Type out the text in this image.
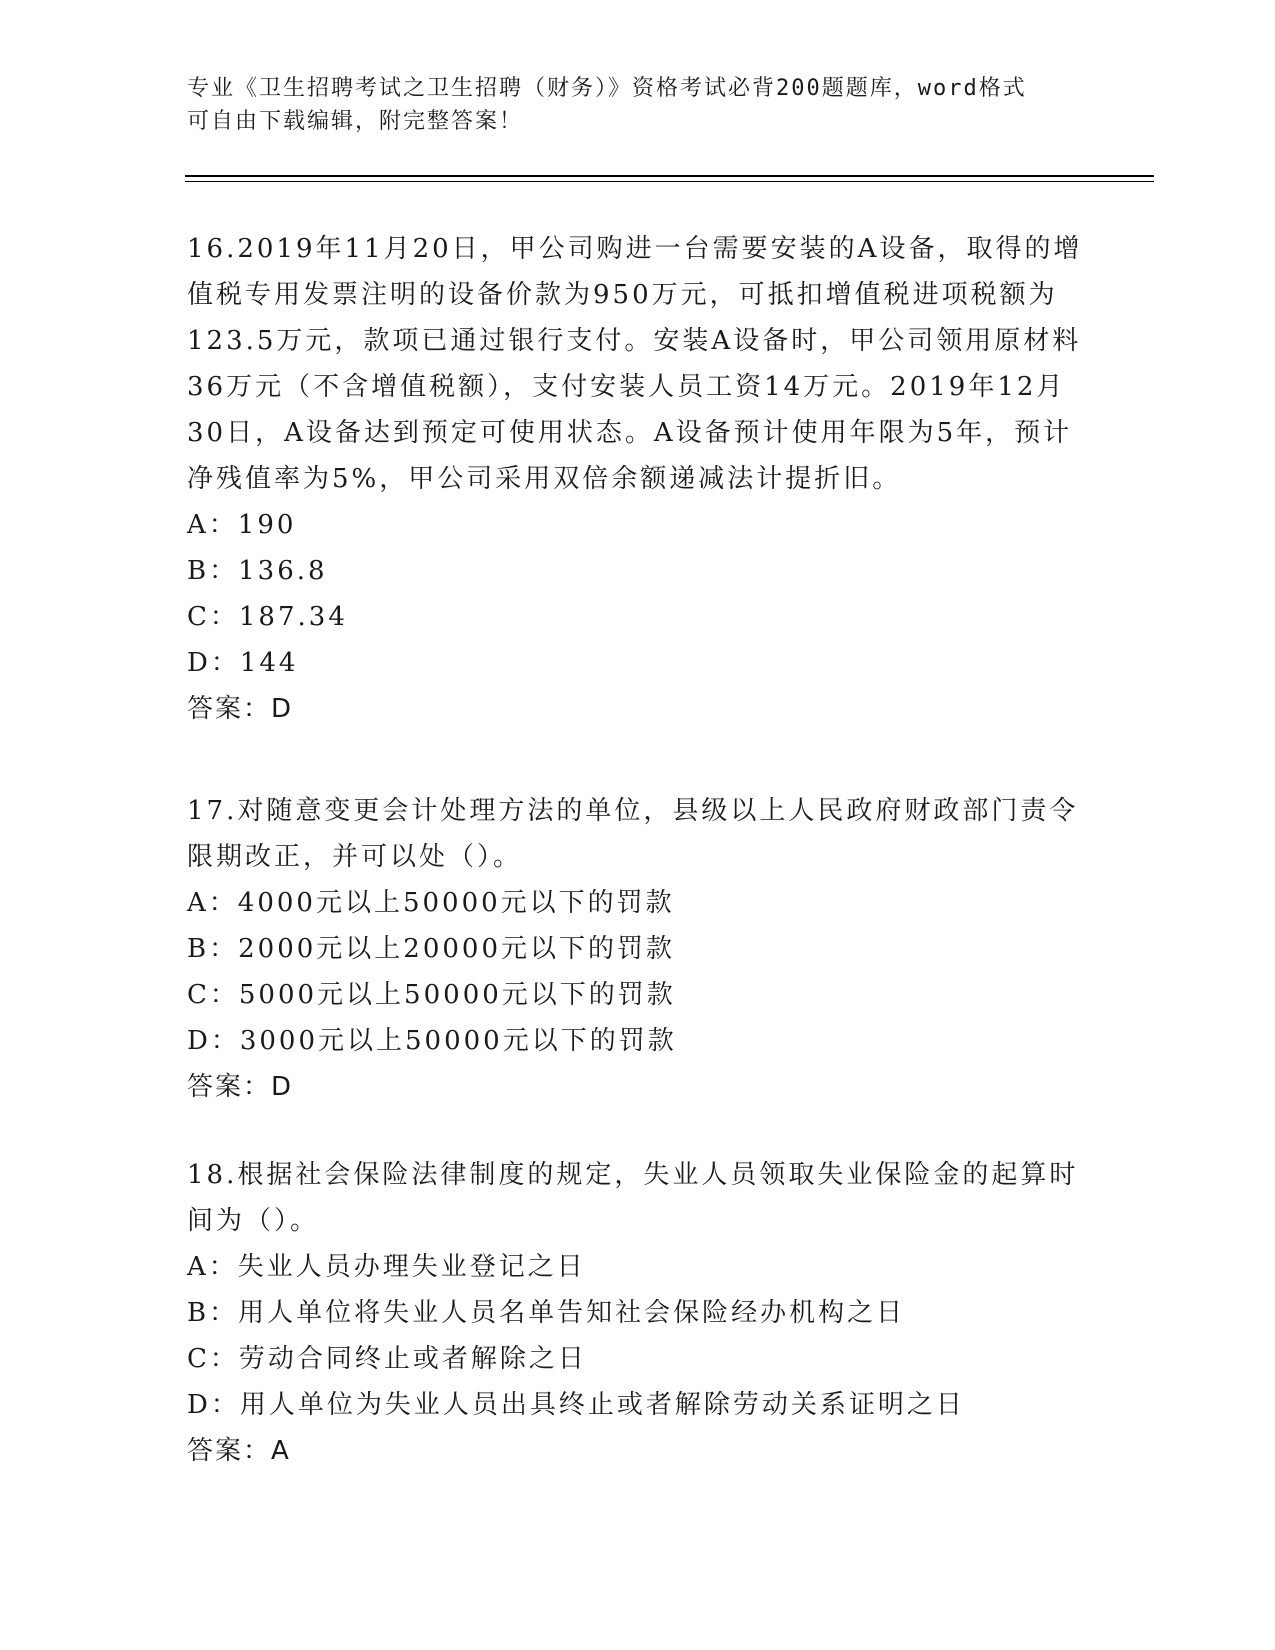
专业《卫生招聘考试之卫生招聘（财务）》资格考试必背200题题库，word格式
可自由下载编辑，附完整答案！
16.2019年11月20日，甲公司购进一台需要安装的A设备，取得的增值税专用发票注明的设备价款为950万元，可抵扣增值税进项税额为123.5万元，款项已通过银行支付。安装A设备时，甲公司领用原材料36万元（不含增值税额），支付安装人员工资14万元。2019年12月30日，A设备达到预定可使用状态。A设备预计使用年限为5年，预计净残值率为5%，甲公司采用双倍余额递减法计提折旧。
A：190
B：136.8
C：187.34
D：144
答案：D
17.对随意变更会计处理方法的单位，县级以上人民政府财政部门责令限期改正，并可以处（）。
A：4000元以上50000元以下的罚款
B：2000元以上20000元以下的罚款
C：5000元以上50000元以下的罚款
D：3000元以上50000元以下的罚款
答案：D
18.根据社会保险法律制度的规定，失业人员领取失业保险金的起算时间为（）。
A：失业人员办理失业登记之日
B：用人单位将失业人员名单告知社会保险经办机构之日
C：劳动合同终止或者解除之日
D：用人单位为失业人员出具终止或者解除劳动关系证明之日
答案：A
